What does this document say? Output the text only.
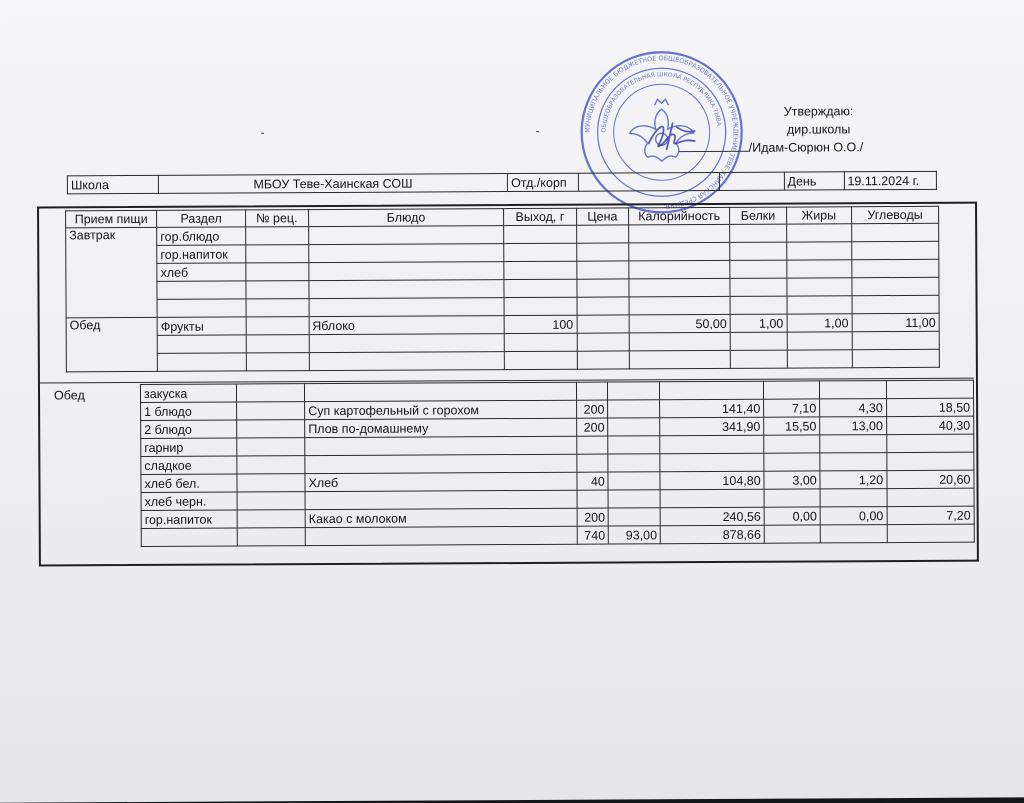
МУНИЦИПАЛЬНОЕ БЮДЖЕТНОЕ ОБЩЕОБРАЗОВАТЕЛЬНОЕ УЧРЕЖДЕНИЕ ТЕВЕ-ХАИНСКАЯ СРЕДНЯЯ
ОБЩЕОБРАЗОВАТЕЛЬНАЯ ШКОЛА РЕСПУБЛИКА ТЫВА
Утверждаю:
дир.школы
/Идам-Сюрюн О.О./
-	-
Школа	МБОУ Теве-Хаинская СОШ	Отд./корп			День	19.11.2024 г.
Прием пищи	Раздел	№ рец.	Блюдо	Выход, г	Цена	Калорийность	Белки	Жиры	Углеводы
Завтрак	гор.блюдо								
	гор.напиток								
	хлеб								

Обед	Фрукты		Яблоко	100		50,00	1,00	1,00	11,00

Обед	закуска								
1 блюдо		Суп картофельный с горохом	200		141,40	7,10	4,30	18,50
2 блюдо		Плов по-домашнему	200		341,90	15,50	13,00	40,30
гарнир								
сладкое								
хлеб бел.		Хлеб	40		104,80	3,00	1,20	20,60
хлеб черн.								
гор.напиток		Какао с молоком	200		240,56	0,00	0,00	7,20
			740	93,00	878,66			
